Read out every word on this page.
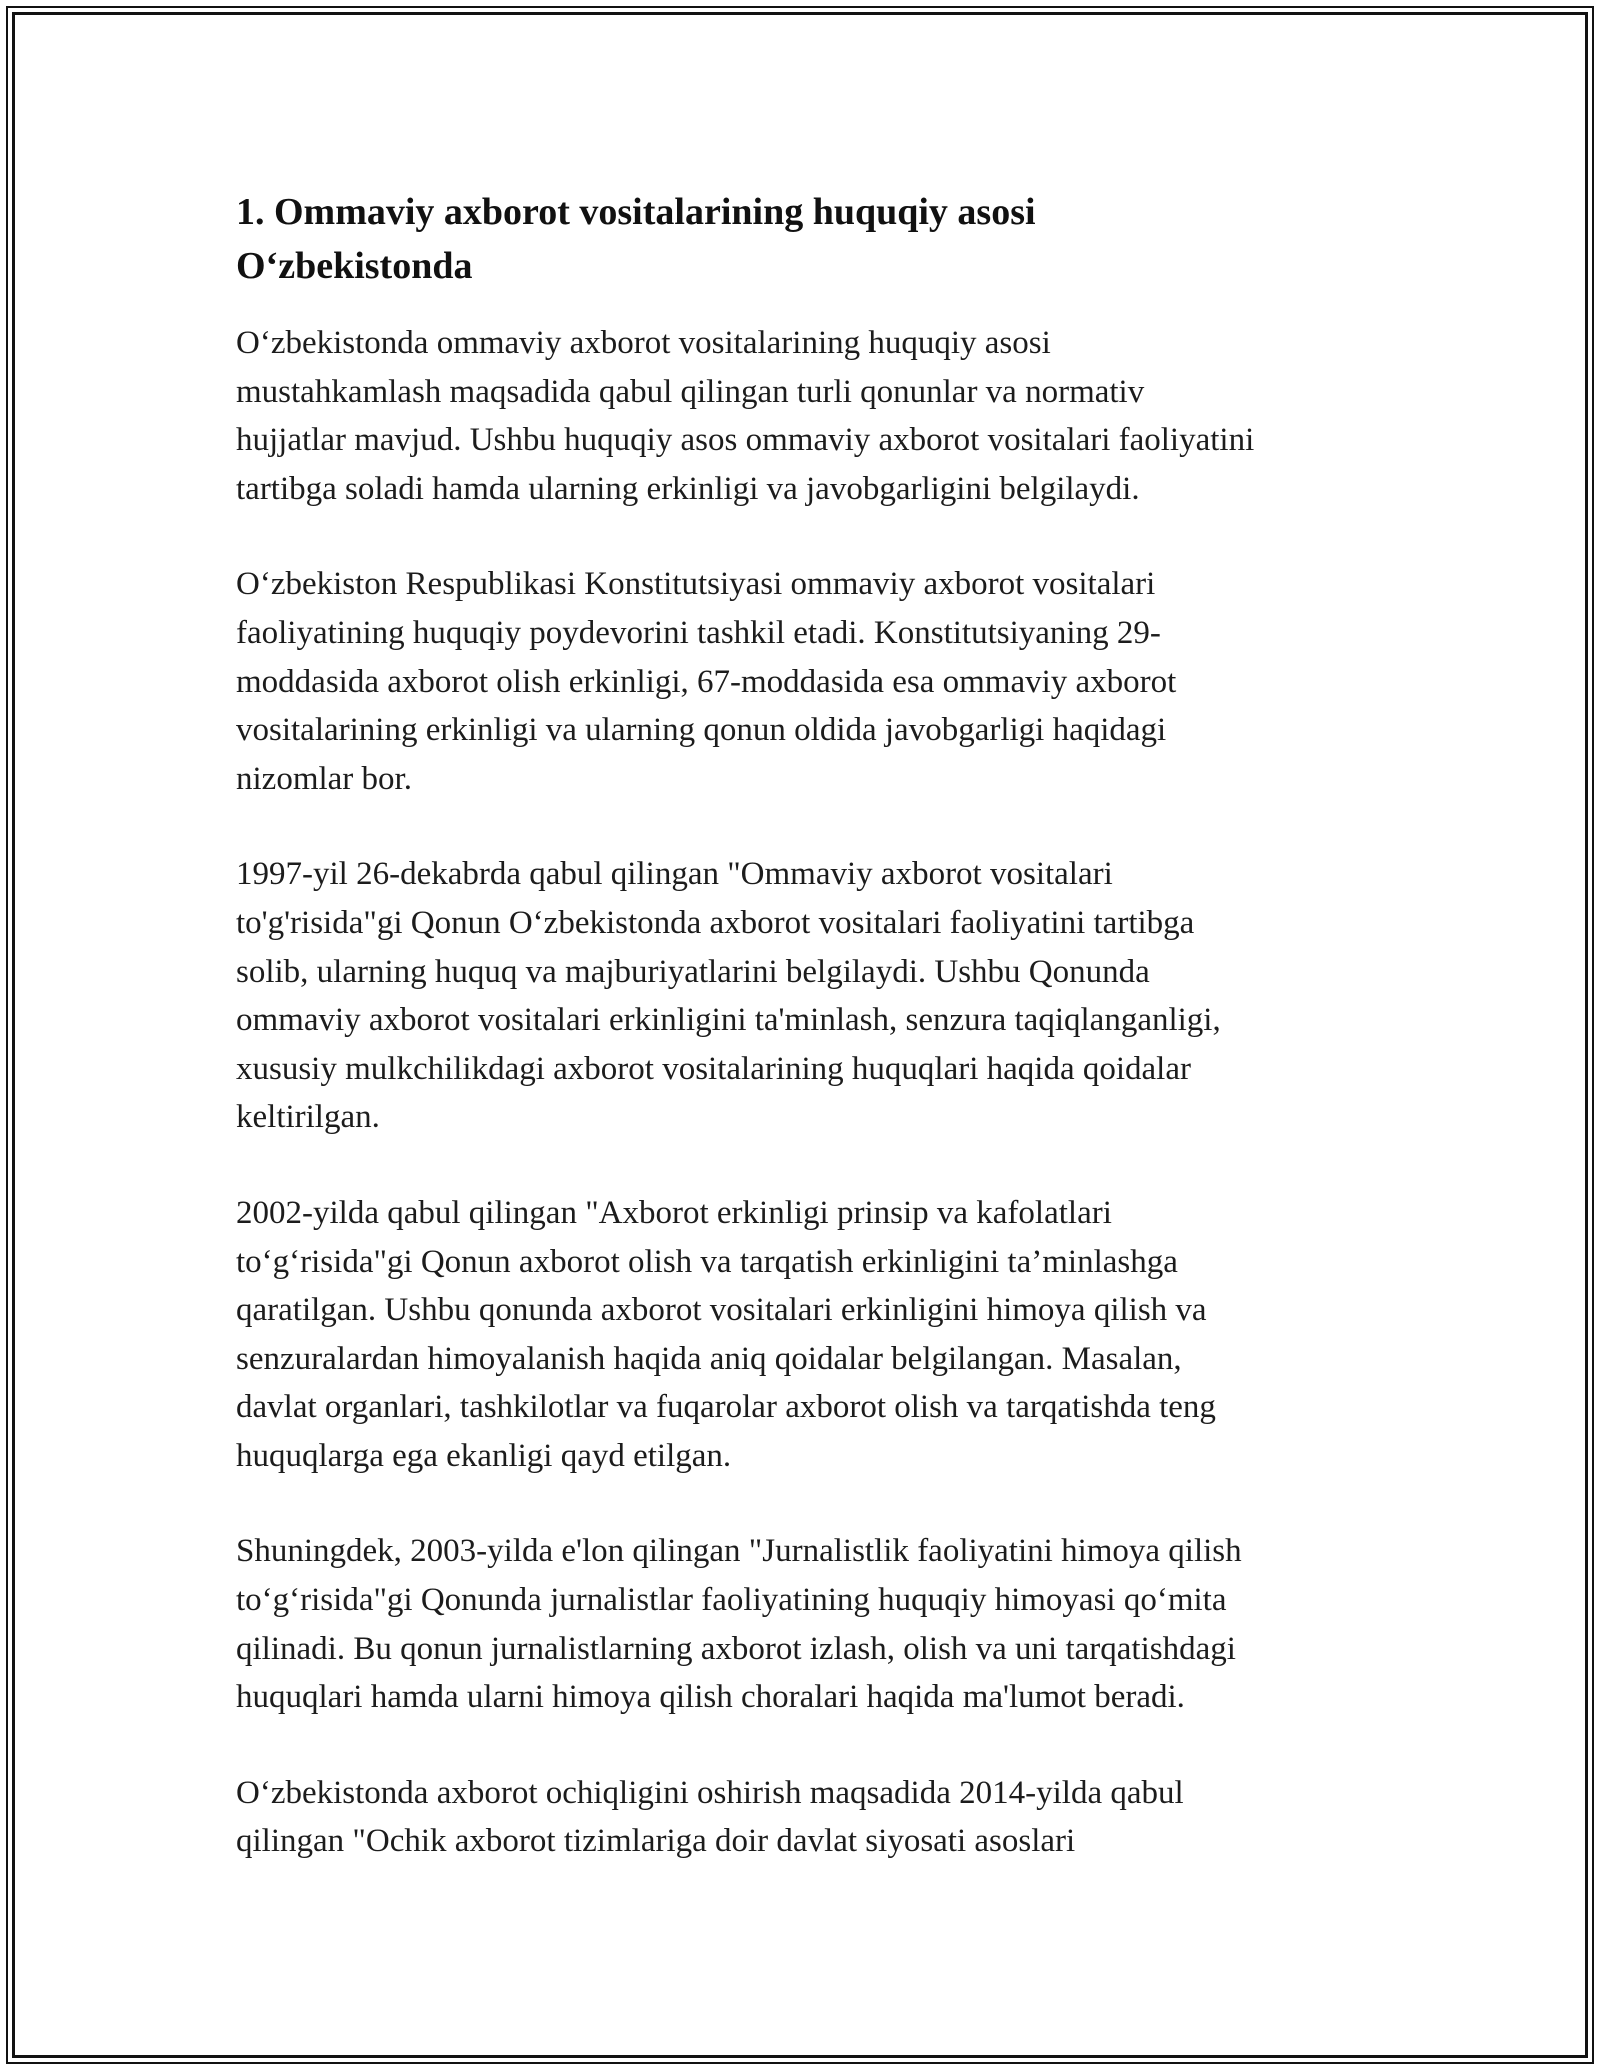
1. Ommaviy axborot vositalarining huquqiy asosi
O‘zbekistonda

O‘zbekistonda ommaviy axborot vositalarining huquqiy asosi
mustahkamlash maqsadida qabul qilingan turli qonunlar va normativ
hujjatlar mavjud. Ushbu huquqiy asos ommaviy axborot vositalari faoliyatini
tartibga soladi hamda ularning erkinligi va javobgarligini belgilaydi.

O‘zbekiston Respublikasi Konstitutsiyasi ommaviy axborot vositalari
faoliyatining huquqiy poydevorini tashkil etadi. Konstitutsiyaning 29-
moddasida axborot olish erkinligi, 67-moddasida esa ommaviy axborot
vositalarining erkinligi va ularning qonun oldida javobgarligi haqidagi
nizomlar bor.

1997-yil 26-dekabrda qabul qilingan "Ommaviy axborot vositalari
to'g'risida"gi Qonun O‘zbekistonda axborot vositalari faoliyatini tartibga
solib, ularning huquq va majburiyatlarini belgilaydi. Ushbu Qonunda
ommaviy axborot vositalari erkinligini ta'minlash, senzura taqiqlanganligi,
xususiy mulkchilikdagi axborot vositalarining huquqlari haqida qoidalar
keltirilgan.

2002-yilda qabul qilingan "Axborot erkinligi prinsip va kafolatlari
to‘g‘risida"gi Qonun axborot olish va tarqatish erkinligini ta’minlashga
qaratilgan. Ushbu qonunda axborot vositalari erkinligini himoya qilish va
senzuralardan himoyalanish haqida aniq qoidalar belgilangan. Masalan,
davlat organlari, tashkilotlar va fuqarolar axborot olish va tarqatishda teng
huquqlarga ega ekanligi qayd etilgan.

Shuningdek, 2003-yilda e'lon qilingan "Jurnalistlik faoliyatini himoya qilish
to‘g‘risida"gi Qonunda jurnalistlar faoliyatining huquqiy himoyasi qo‘mita
qilinadi. Bu qonun jurnalistlarning axborot izlash, olish va uni tarqatishdagi
huquqlari hamda ularni himoya qilish choralari haqida ma'lumot beradi.

O‘zbekistonda axborot ochiqligini oshirish maqsadida 2014-yilda qabul
qilingan "Ochik axborot tizimlariga doir davlat siyosati asoslari
